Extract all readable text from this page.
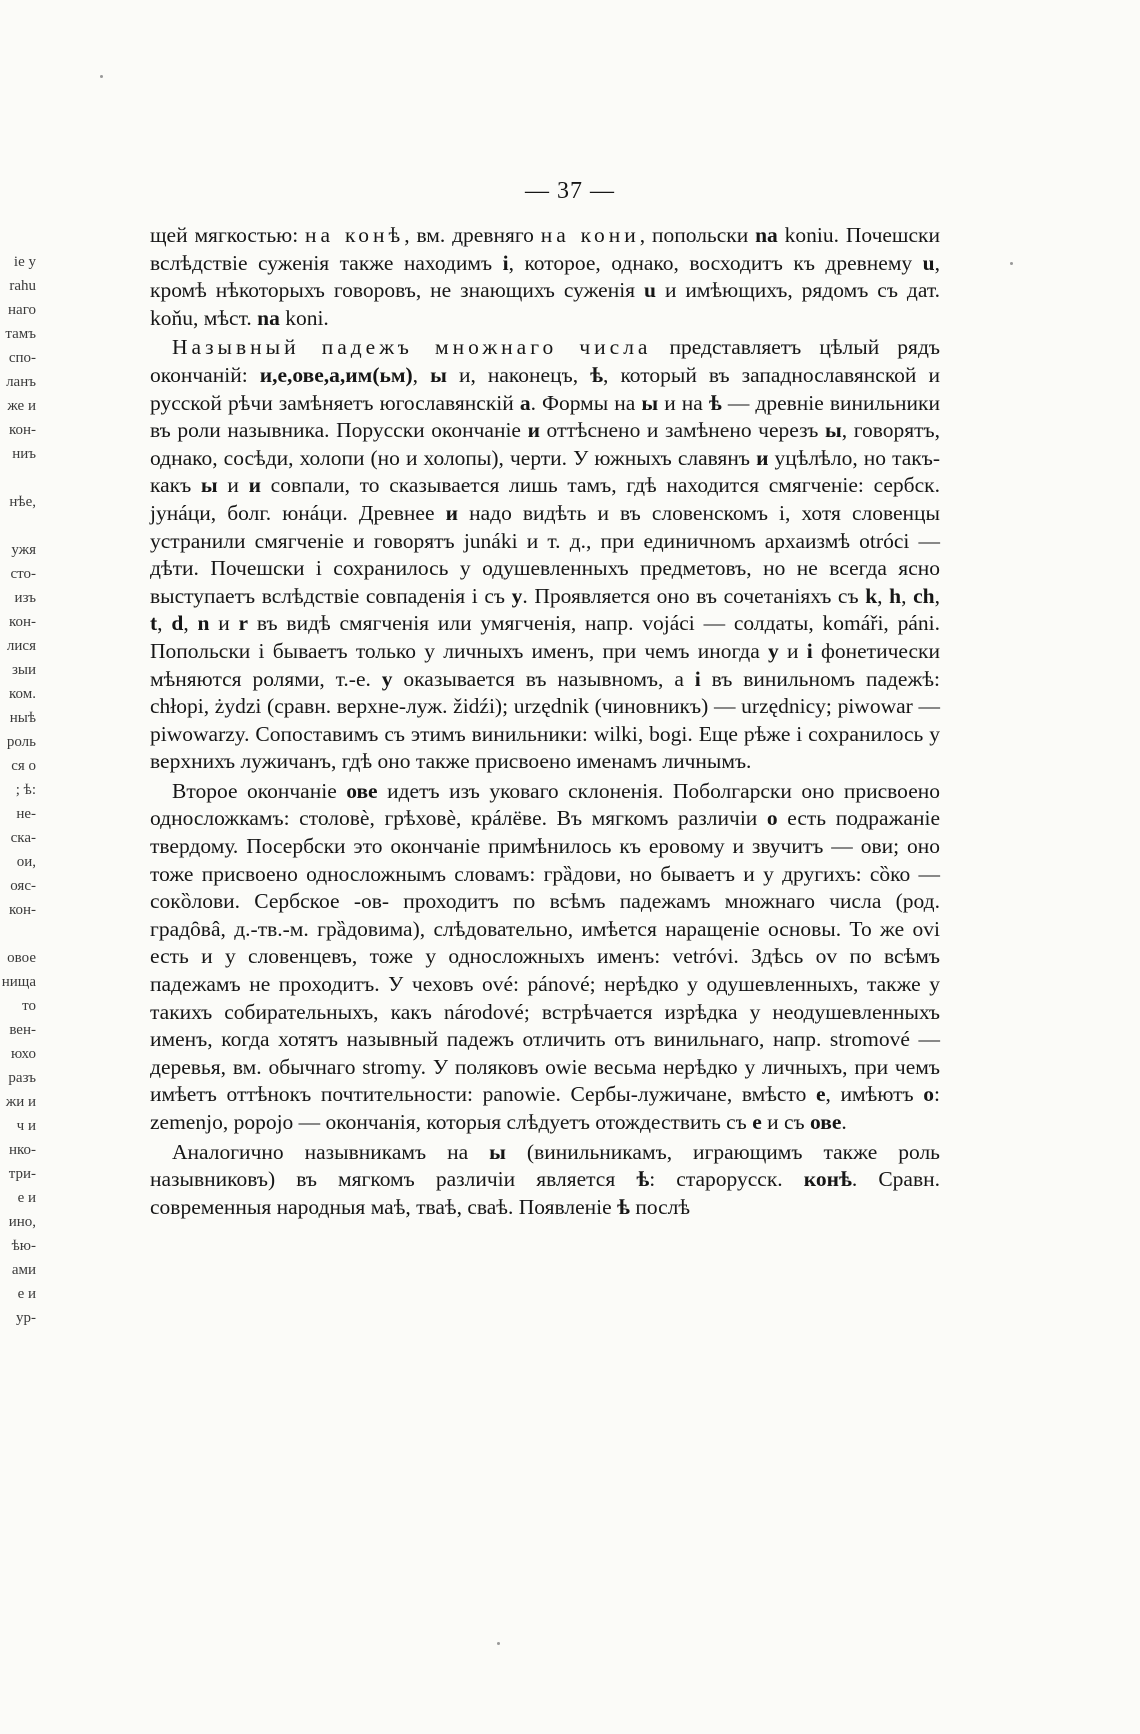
ie y
rahu
наго
тамъ
спо-
ланъ
же и
кон-
ниъ

нѣе,

ужя
сто-
изъ
кон-
лися
зыи
ком.
ныѣ
роль
ся о
; ѣ:
не-
ска-
ои,
ояс-
кон-

овое
нища
то
вен-
юхо
разъ
жи и
ч и
нко-
три-
е и
ино,
ѣю-
ами
е и
ур-
— 37 —

щей мягкостью: на конѣ, вм. древняго на кони, попольски na koniu. Почешски вслѣдствіе суженія также находимъ i, которое, однако, восходитъ къ древнему u, кромѣ нѣкоторыхъ говоровъ, не знающихъ суженія u и имѣющихъ, рядомъ съ дат. koňu, мѣст. na koni.

Назывный падежъ множнаго числа представляетъ цѣлый рядъ окончаній: и,е,ове,а,им(ьм), ы и, наконецъ, ѣ, который въ западнославянской и русской рѣчи замѣняетъ югославянскій а. Формы на ы и на ѣ — древніе винильники въ роли назывника. Порусски окончаніе и оттѣснено и замѣнено черезъ ы, говорятъ, однако, сосѣди, холопи (но и холопы), черти. У южныхъ славянъ и уцѣлѣло, но такъ-какъ ы и и совпали, то сказывается лишь тамъ, гдѣ находится смягченіе: сербск. јунáци, болг. юнáци. Древнее и надо видѣть и въ словенскомъ i, хотя словенцы устранили смягченіе и говорятъ junáki и т. д., при единичномъ архаизмѣ otróci — дѣти. Почешски i сохранилось у одушевленныхъ предметовъ, но не всегда ясно выступаетъ вслѣдствіе совпаденія i съ у. Проявляется оно въ сочетаніяхъ съ k, h, ch, t, d, n и r въ видѣ смягченія или умягченія, напр. vojáci — солдаты, komáři, páni. Попольски i бываетъ только у личныхъ именъ, при чемъ иногда у и i фонетически мѣняются ролями, т.-е. у оказывается въ назывномъ, а i въ винильномъ падежѣ: chłopi, żydzi (сравн. верхне-луж. židźi); urzędnik (чиновникъ) — urzędnicy; piwowar — piwowarzy. Сопоставимъ съ этимъ винильники: wilki, bogi. Еще рѣже i сохранилось у верхнихъ лужичанъ, гдѣ оно также присвоено именамъ личнымъ.

Второе окончаніе ове идетъ изъ уковаго склоненія. Поболгарски оно присвоено односложкамъ: столовѐ, грѣховѐ, крáлёве. Въ мягкомъ различіи о есть подражаніе твердому. Посербски это окончаніе примѣнилось къ еровому и звучитъ — ови; оно тоже присвоено односложнымъ словамъ: грȁдови, но бываетъ и у другихъ: сȍко — сокȍлови. Сербское -ов- проходитъ по всѣмъ падежамъ множнаго числа (род. градȏвâ, д.-тв.-м. грȁдовима), слѣдовательно, имѣется наращеніе основы. То же ovi есть и у словенцевъ, тоже у односложныхъ именъ: vetróvi. Здѣсь ov по всѣмъ падежамъ не проходитъ. У чеховъ ové: pánové; нерѣдко у одушевленныхъ, также у такихъ собирательныхъ, какъ národové; встрѣчается изрѣдка у неодушевленныхъ именъ, когда хотятъ назывный падежъ отличить отъ винильнаго, напр. stromové — деревья, вм. обычнаго stromy. У поляковъ owie весьма нерѣдко у личныхъ, при чемъ имѣетъ оттѣнокъ почтительности: panowie. Сербы-лужичане, вмѣсто е, имѣютъ о: zemenjo, popojo — окончанія, которыя слѣдуетъ отождествить съ е и съ ове.

Аналогично назывникамъ на ы (винильникамъ, играющимъ также роль назывниковъ) въ мягкомъ различіи является ѣ: старорусск. конѣ. Сравн. современныя народныя маѣ, тваѣ, сваѣ. Появленіе ѣ послѣ
